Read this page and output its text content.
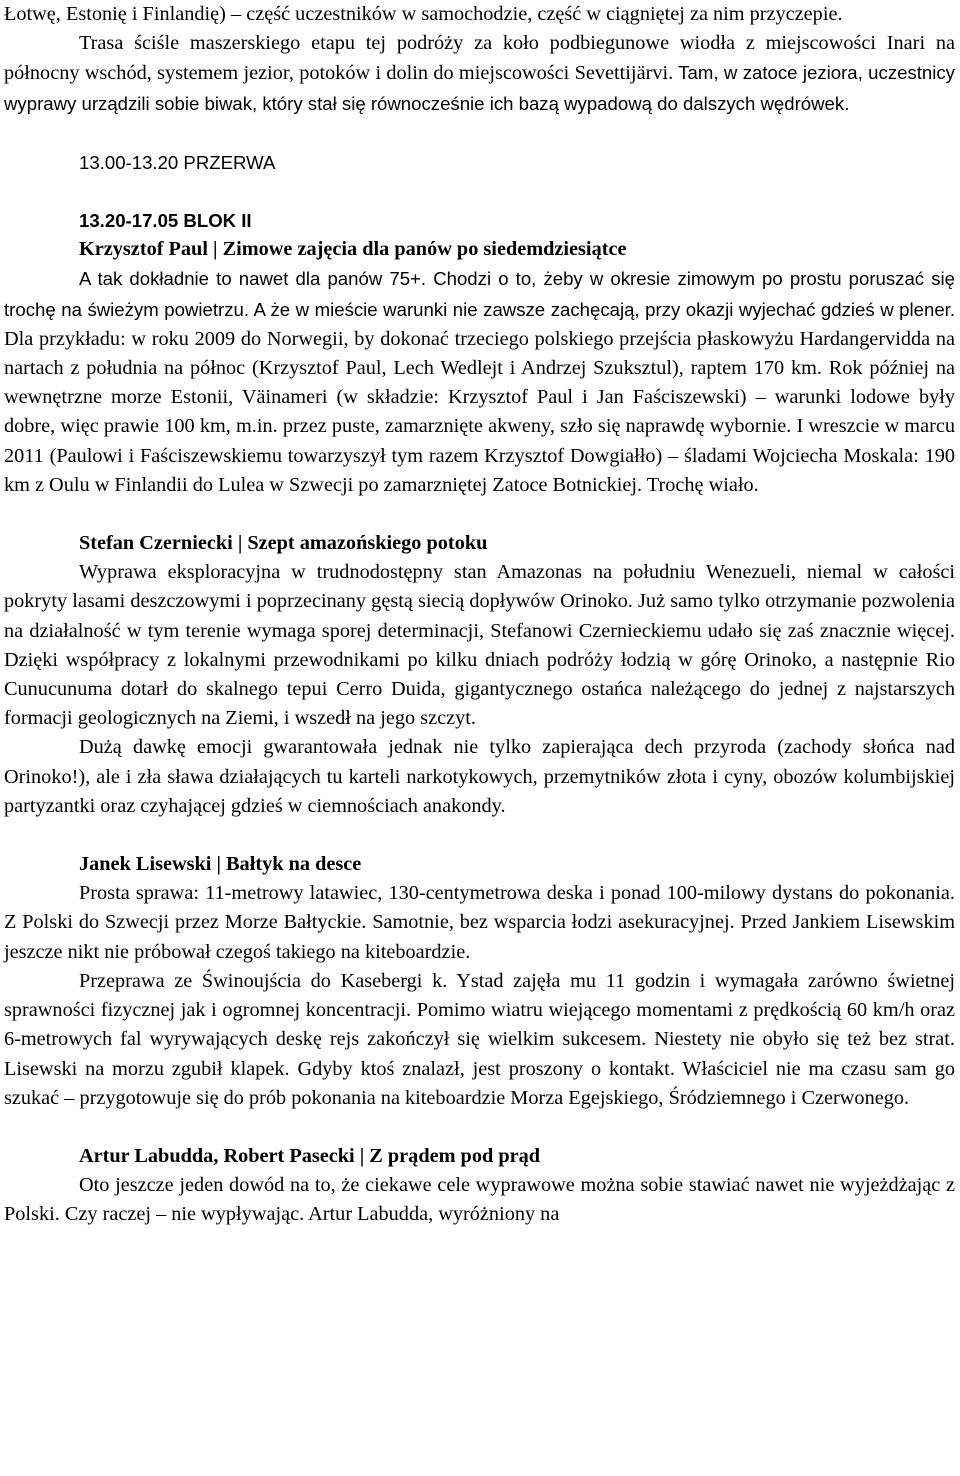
Łotwę, Estonię i Finlandię) – część uczestników w samochodzie, część w ciągniętej za nim przyczepie.

Trasa ściśle maszerskiego etapu tej podróży za koło podbiegunowe wiodła z miejscowości Inari na północny wschód, systemem jezior, potoków i dolin do miejscowości Sevettijärvi. Tam, w zatoce jeziora, uczestnicy wyprawy urządzili sobie biwak, który stał się równocześnie ich bazą wypadową do dalszych wędrówek.

13.00-13.20 PRZERWA

13.20-17.05 BLOK II

Krzysztof Paul | Zimowe zajęcia dla panów po siedemdziesiątce

A tak dokładnie to nawet dla panów 75+. Chodzi o to, żeby w okresie zimowym po prostu poruszać się trochę na świeżym powietrzu. A że w mieście warunki nie zawsze zachęcają, przy okazji wyjechać gdzieś w plener. Dla przykładu: w roku 2009 do Norwegii, by dokonać trzeciego polskiego przejścia płaskowyżu Hardangervidda na nartach z południa na północ (Krzysztof Paul, Lech Wedlejt i Andrzej Szuksztul), raptem 170 km. Rok później na wewnętrzne morze Estonii, Väinameri (w składzie: Krzysztof Paul i Jan Faściszewski) – warunki lodowe były dobre, więc prawie 100 km, m.in. przez puste, zamarznięte akweny, szło się naprawdę wybornie. I wreszcie w marcu 2011 (Paulowi i Faściszewskiemu towarzyszył tym razem Krzysztof Dowgiałło) – śladami Wojciecha Moskala: 190 km z Oulu w Finlandii do Lulea w Szwecji po zamarzniętej Zatoce Botnickiej. Trochę wiało.

Stefan Czerniecki | Szept amazońskiego potoku

Wyprawa eksploracyjna w trudnodostępny stan Amazonas na południu Wenezueli, niemal w całości pokryty lasami deszczowymi i poprzecinany gęstą siecią dopływów Orinoko. Już samo tylko otrzymanie pozwolenia na działalność w tym terenie wymaga sporej determinacji, Stefanowi Czernieckiemu udało się zaś znacznie więcej. Dzięki współpracy z lokalnymi przewodnikami po kilku dniach podróży łodzią w górę Orinoko, a następnie Rio Cunucunuma dotarł do skalnego tepui Cerro Duida, gigantycznego ostańca należącego do jednej z najstarszych formacji geologicznych na Ziemi, i wszedł na jego szczyt.

Dużą dawkę emocji gwarantowała jednak nie tylko zapierająca dech przyroda (zachody słońca nad Orinoko!), ale i zła sława działających tu karteli narkotykowych, przemytników złota i cyny, obozów kolumbijskiej partyzantki oraz czyhającej gdzieś w ciemnościach anakondy.

Janek Lisewski | Bałtyk na desce

Prosta sprawa: 11-metrowy latawiec, 130-centymetrowa deska i ponad 100-milowy dystans do pokonania. Z Polski do Szwecji przez Morze Bałtyckie. Samotnie, bez wsparcia łodzi asekuracyjnej. Przed Jankiem Lisewskim jeszcze nikt nie próbował czegoś takiego na kiteboardzie.

Przeprawa ze Świnoujścia do Kasebergi k. Ystad zajęła mu 11 godzin i wymagała zarówno świetnej sprawności fizycznej jak i ogromnej koncentracji. Pomimo wiatru wiejącego momentami z prędkością 60 km/h oraz 6-metrowych fal wyrywających deskę rejs zakończył się wielkim sukcesem. Niestety nie obyło się też bez strat. Lisewski na morzu zgubił klapek. Gdyby ktoś znalazł, jest proszony o kontakt. Właściciel nie ma czasu sam go szukać – przygotowuje się do prób pokonania na kiteboardzie Morza Egejskiego, Śródziemnego i Czerwonego.

Artur Labudda, Robert Pasecki | Z prądem pod prąd

Oto jeszcze jeden dowód na to, że ciekawe cele wyprawowe można sobie stawiać nawet nie wyjeżdżając z Polski. Czy raczej – nie wypływając. Artur Labudda, wyróżniony na
